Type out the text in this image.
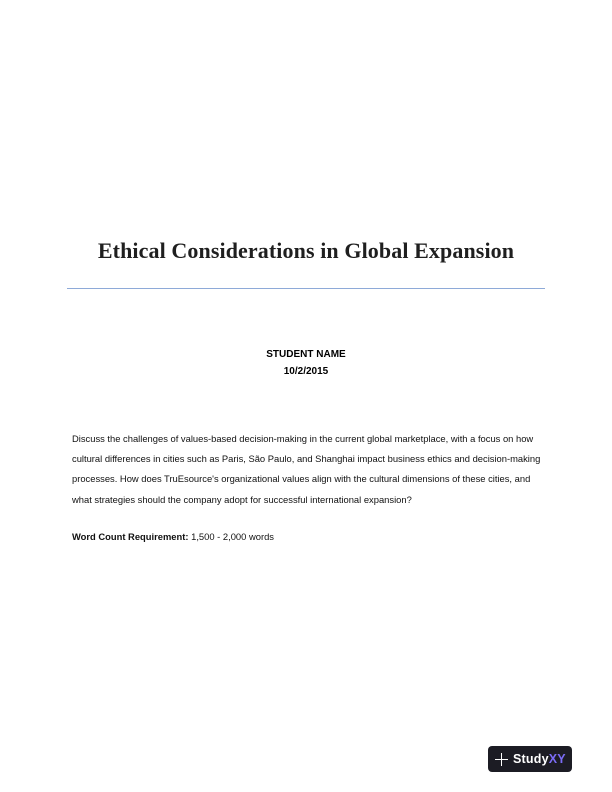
Ethical Considerations in Global Expansion
STUDENT NAME
10/2/2015

Discuss the challenges of values-based decision-making in the current global marketplace, with a focus on how cultural differences in cities such as Paris, São Paulo, and Shanghai impact business ethics and decision-making processes. How does TruEsource's organizational values align with the cultural dimensions of these cities, and what strategies should the company adopt for successful international expansion?

Word Count Requirement: 1,500 - 2,000 words
StudyXY
